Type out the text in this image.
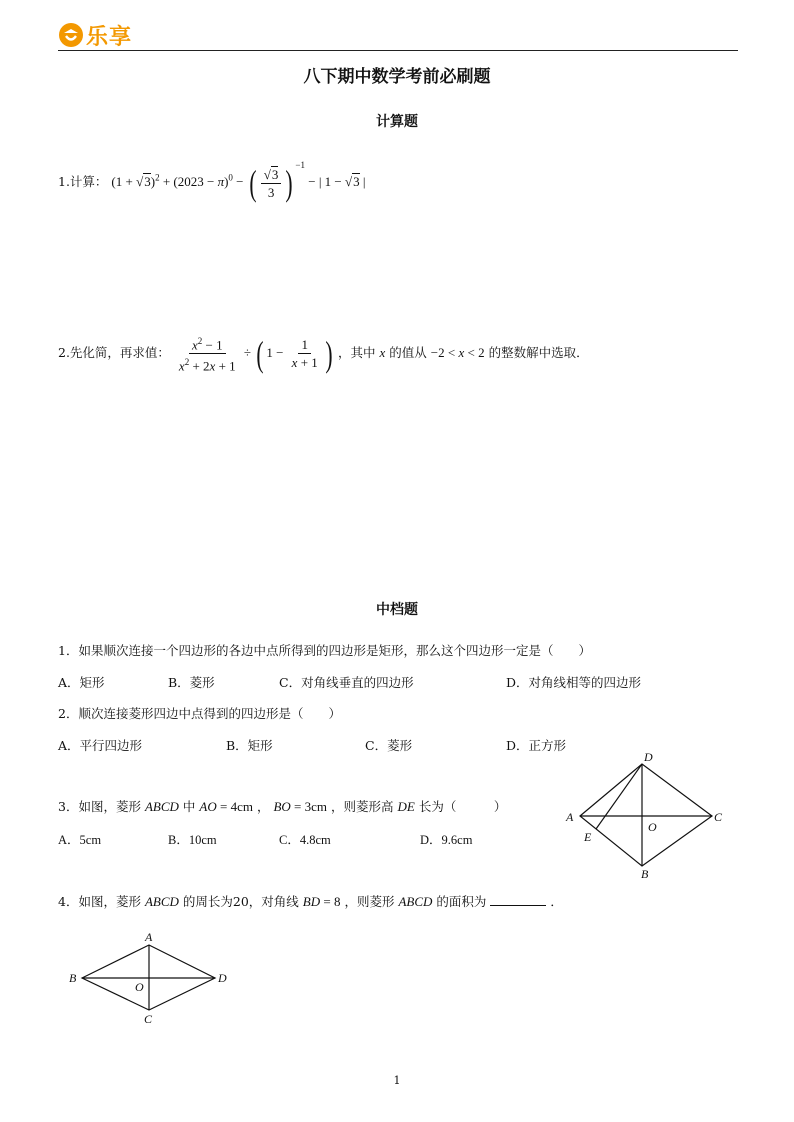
乐享
八下期中数学考前必刷题
计算题
1.计算： $(1 + √3)^2 + (2023 - \pi)^0$ − ( $\frac{√3}{3}$ ) $^{-1}$ − | 1 − √3 |
2.先化简，再求值： $\frac{x^2 - 1}{x^2 + 2x + 1}$ ÷ ( $1 - \frac{1}{x + 1}$ ) ，其中 x 的值从 −2 < x < 2 的整数解中选取．
中档题
1．如果顺次连接一个四边形的各边中点所得到的四边形是矩形，那么这个四边形一定是（　　）
A．矩形	B．菱形	C．对角线垂直的四边形	D．对角线相等的四边形
2．顺次连接菱形四边中点得到的四边形是（　　）
A．平行四边形	B．矩形	C．菱形	D．正方形
3．如图，菱形 ABCD 中 AO = 4cm ， BO = 3cm ，则菱形高 DE 长为（　　　）
A．5cm	B．10cm	C．4.8cm	D．9.6cm
A
B
C
D
E
O
4．如图，菱形 ABCD 的周长为20，对角线 BD = 8 ，则菱形 ABCD 的面积为	．
A
B
C
D
O
1
